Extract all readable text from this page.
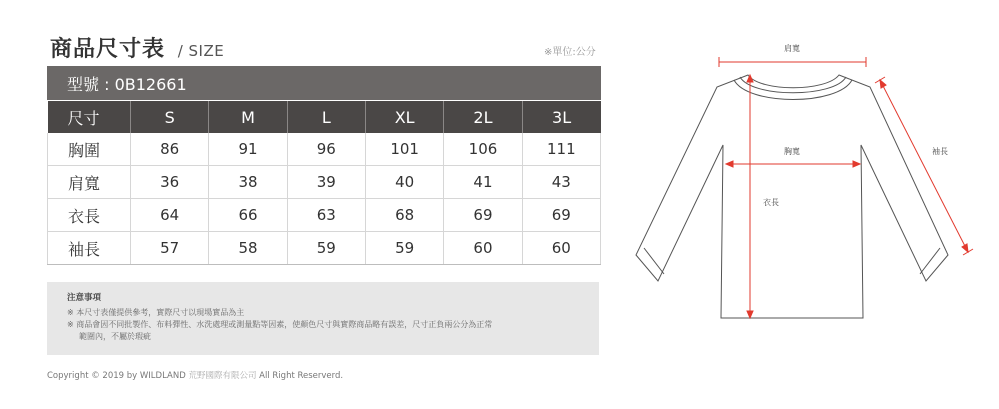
商品尺寸表 / SIZE	※單位:公分
型號 : 0B12661
尺寸	S	M	L	XL	2L	3L
胸圍	86	91	96	101	106	111
肩寬	36	38	39	40	41	43
衣長	64	66	63	68	69	69
袖長	57	58	59	59	60	60
注意事項
※ 本尺寸表僅提供參考，實際尺寸以現場實品為主
※ 商品會因不同批製作、布料彈性、水洗處理或測量點等因素，使顏色尺寸與實際商品略有誤差，尺寸正負兩公分為正常
範圍內，不屬於瑕疵
Copyright © 2019 by WILDLAND 荒野國際有限公司 All Right Reserverd.
肩寬
胸寬
衣長
袖長
